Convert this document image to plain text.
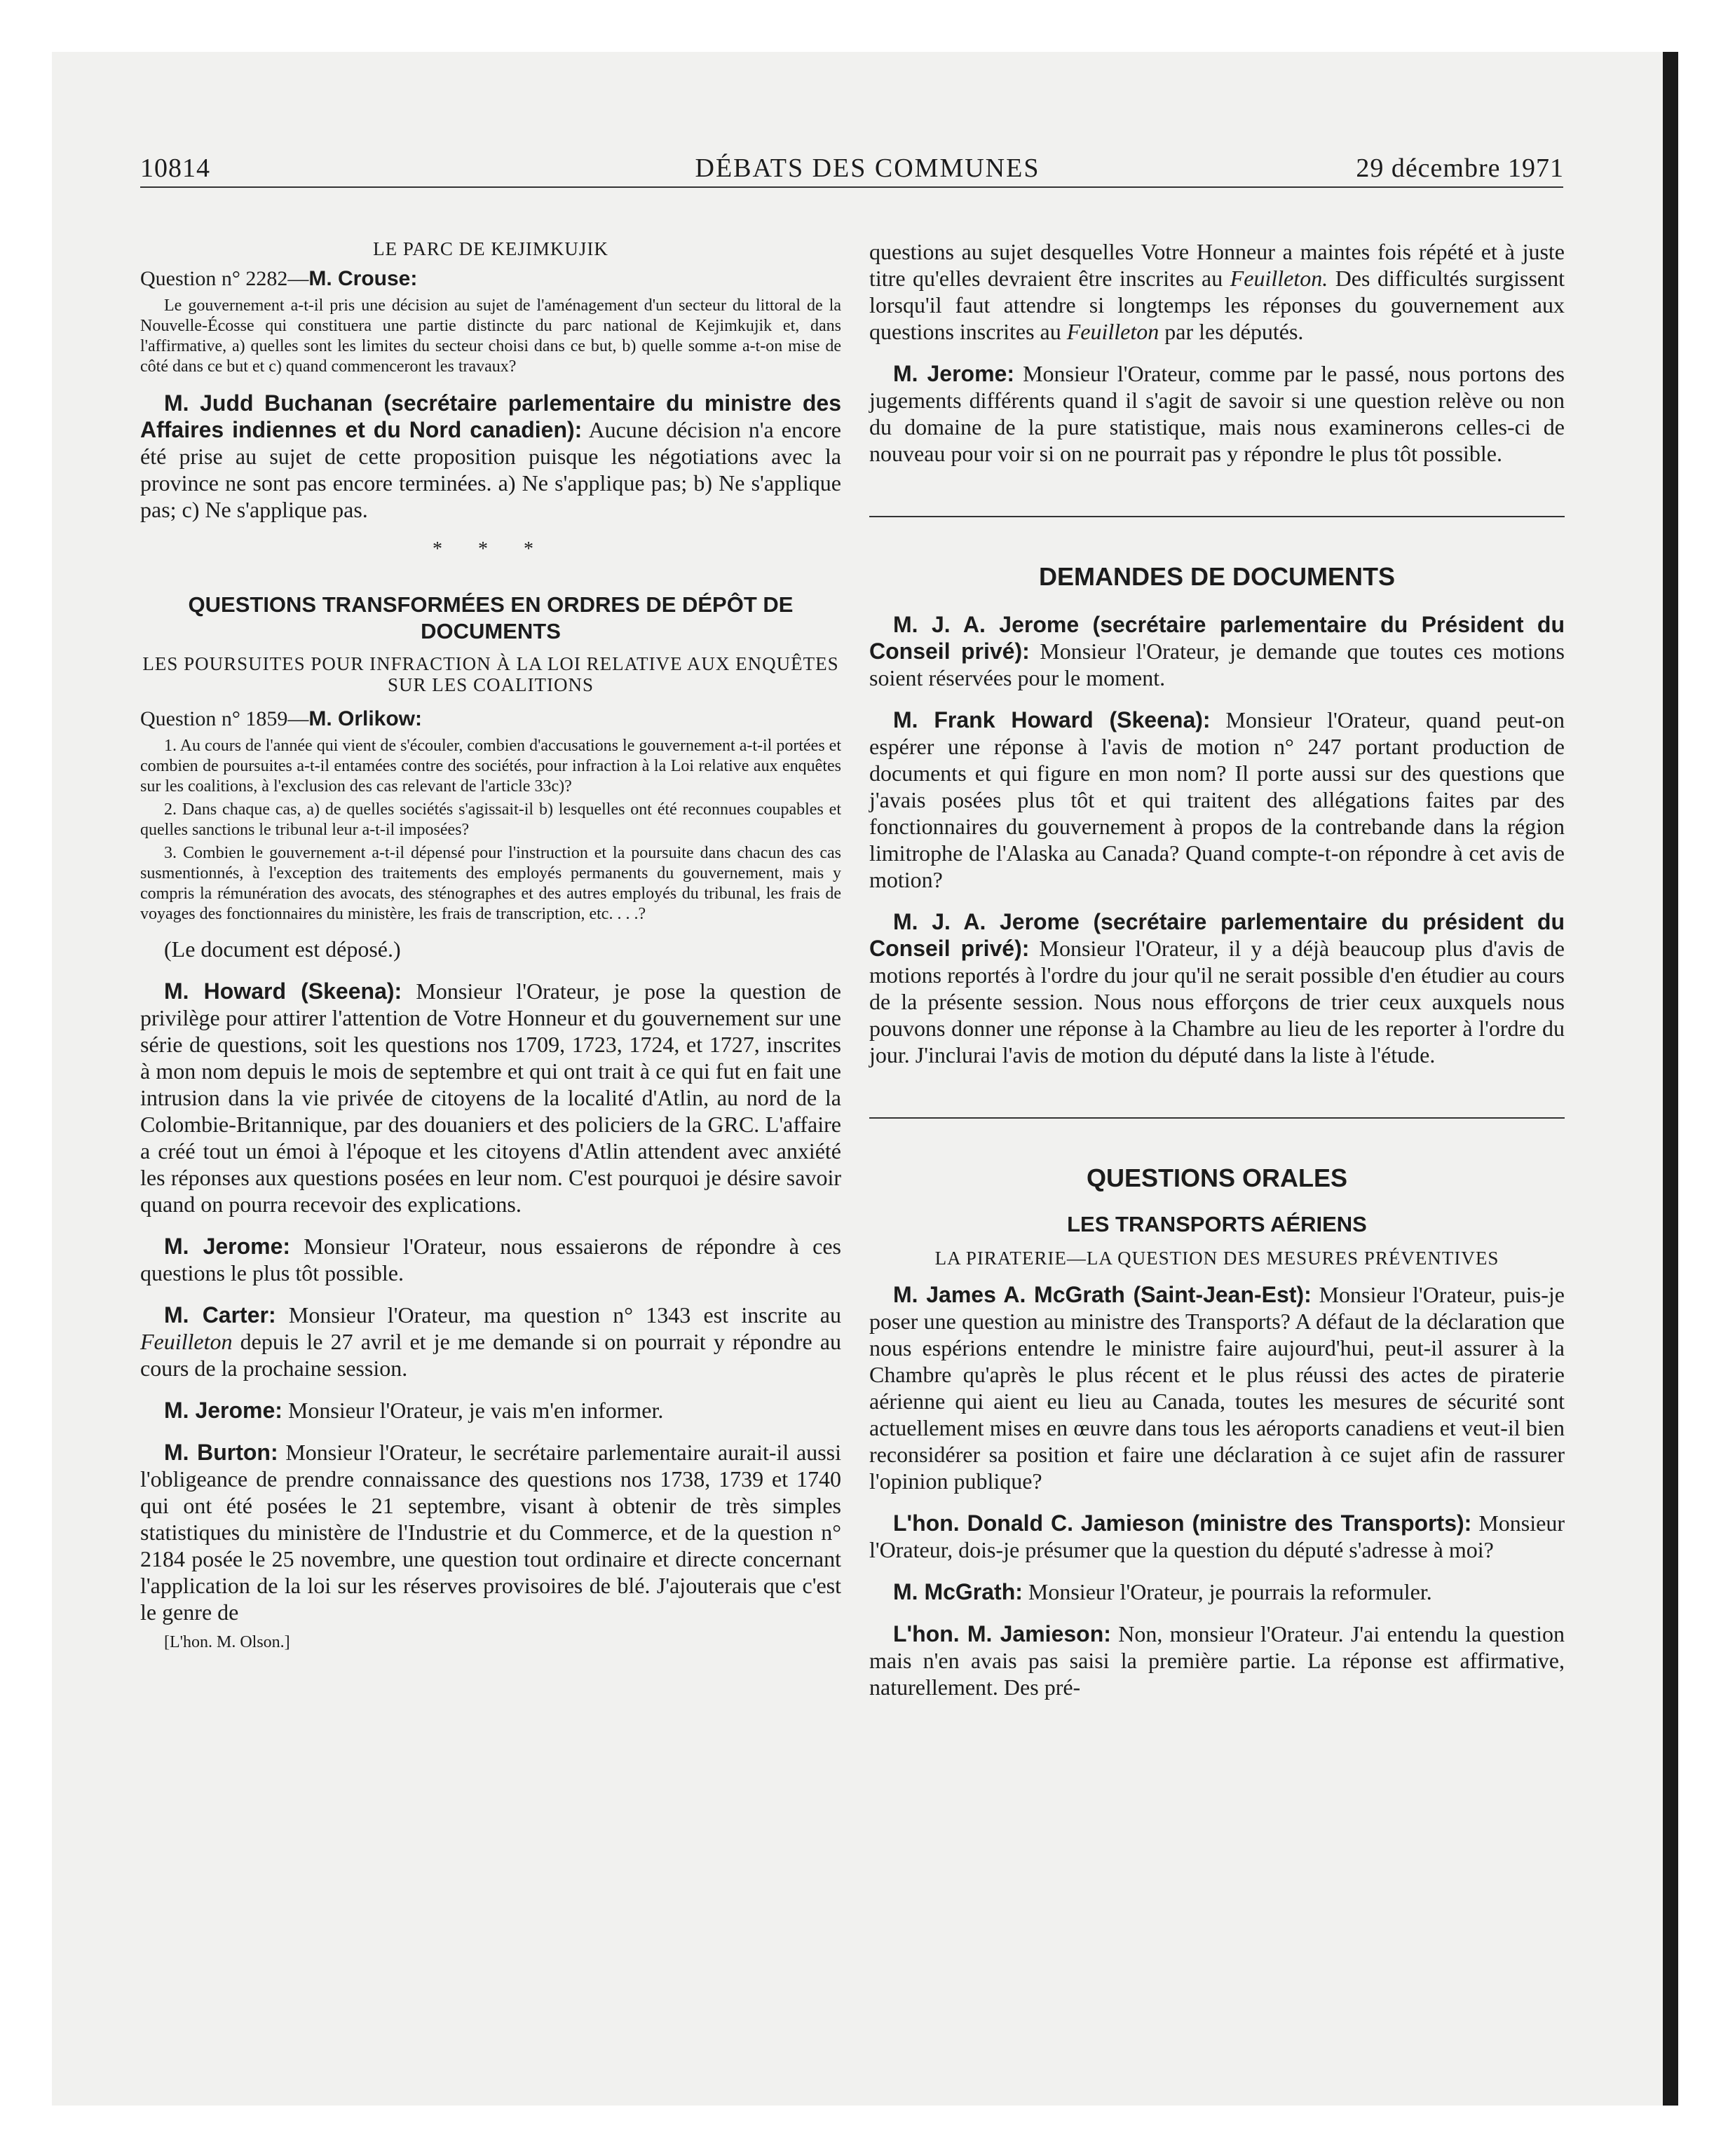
10814	DÉBATS DES COMMUNES	29 décembre 1971

LE PARC DE KEJIMKUJIK

Question n° 2282—M. Crouse:

Le gouvernement a-t-il pris une décision au sujet de l'aménagement d'un secteur du littoral de la Nouvelle-Écosse qui constituera une partie distincte du parc national de Kejimkujik et, dans l'affirmative, a) quelles sont les limites du secteur choisi dans ce but, b) quelle somme a-t-on mise de côté dans ce but et c) quand commenceront les travaux?

M. Judd Buchanan (secrétaire parlementaire du ministre des Affaires indiennes et du Nord canadien): Aucune décision n'a encore été prise au sujet de cette proposition puisque les négotiations avec la province ne sont pas encore terminées. a) Ne s'applique pas; b) Ne s'applique pas; c) Ne s'applique pas.

* * *

QUESTIONS TRANSFORMÉES EN ORDRES DE DÉPÔT DE DOCUMENTS

LES POURSUITES POUR INFRACTION À LA LOI RELATIVE AUX ENQUÊTES SUR LES COALITIONS

Question n° 1859—M. Orlikow:

1. Au cours de l'année qui vient de s'écouler, combien d'accusations le gouvernement a-t-il portées et combien de poursuites a-t-il entamées contre des sociétés, pour infraction à la Loi relative aux enquêtes sur les coalitions, à l'exclusion des cas relevant de l'article 33c)?

2. Dans chaque cas, a) de quelles sociétés s'agissait-il b) lesquelles ont été reconnues coupables et quelles sanctions le tribunal leur a-t-il imposées?

3. Combien le gouvernement a-t-il dépensé pour l'instruction et la poursuite dans chacun des cas susmentionnés, à l'exception des traitements des employés permanents du gouvernement, mais y compris la rémunération des avocats, des sténographes et des autres employés du tribunal, les frais de voyages des fonctionnaires du ministère, les frais de transcription, etc. . . .?

(Le document est déposé.)

M. Howard (Skeena): Monsieur l'Orateur, je pose la question de privilège pour attirer l'attention de Votre Honneur et du gouvernement sur une série de questions, soit les questions nos 1709, 1723, 1724, et 1727, inscrites à mon nom depuis le mois de septembre et qui ont trait à ce qui fut en fait une intrusion dans la vie privée de citoyens de la localité d'Atlin, au nord de la Colombie-Britannique, par des douaniers et des policiers de la GRC. L'affaire a créé tout un émoi à l'époque et les citoyens d'Atlin attendent avec anxiété les réponses aux questions posées en leur nom. C'est pourquoi je désire savoir quand on pourra recevoir des explications.

M. Jerome: Monsieur l'Orateur, nous essaierons de répondre à ces questions le plus tôt possible.

M. Carter: Monsieur l'Orateur, ma question n° 1343 est inscrite au Feuilleton depuis le 27 avril et je me demande si on pourrait y répondre au cours de la prochaine session.

M. Jerome: Monsieur l'Orateur, je vais m'en informer.

M. Burton: Monsieur l'Orateur, le secrétaire parlementaire aurait-il aussi l'obligeance de prendre connaissance des questions nos 1738, 1739 et 1740 qui ont été posées le 21 septembre, visant à obtenir de très simples statistiques du ministère de l'Industrie et du Commerce, et de la question n° 2184 posée le 25 novembre, une question tout ordinaire et directe concernant l'application de la loi sur les réserves provisoires de blé. J'ajouterais que c'est le genre de

[L'hon. M. Olson.]

questions au sujet desquelles Votre Honneur a maintes fois répété et à juste titre qu'elles devraient être inscrites au Feuilleton. Des difficultés surgissent lorsqu'il faut attendre si longtemps les réponses du gouvernement aux questions inscrites au Feuilleton par les députés.

M. Jerome: Monsieur l'Orateur, comme par le passé, nous portons des jugements différents quand il s'agit de savoir si une question relève ou non du domaine de la pure statistique, mais nous examinerons celles-ci de nouveau pour voir si on ne pourrait pas y répondre le plus tôt possible.

DEMANDES DE DOCUMENTS

M. J. A. Jerome (secrétaire parlementaire du Président du Conseil privé): Monsieur l'Orateur, je demande que toutes ces motions soient réservées pour le moment.

M. Frank Howard (Skeena): Monsieur l'Orateur, quand peut-on espérer une réponse à l'avis de motion n° 247 portant production de documents et qui figure en mon nom? Il porte aussi sur des questions que j'avais posées plus tôt et qui traitent des allégations faites par des fonctionnaires du gouvernement à propos de la contrebande dans la région limitrophe de l'Alaska au Canada? Quand compte-t-on répondre à cet avis de motion?

M. J. A. Jerome (secrétaire parlementaire du président du Conseil privé): Monsieur l'Orateur, il y a déjà beaucoup plus d'avis de motions reportés à l'ordre du jour qu'il ne serait possible d'en étudier au cours de la présente session. Nous nous efforçons de trier ceux auxquels nous pouvons donner une réponse à la Chambre au lieu de les reporter à l'ordre du jour. J'inclurai l'avis de motion du député dans la liste à l'étude.

QUESTIONS ORALES

LES TRANSPORTS AÉRIENS

LA PIRATERIE—LA QUESTION DES MESURES PRÉVENTIVES

M. James A. McGrath (Saint-Jean-Est): Monsieur l'Orateur, puis-je poser une question au ministre des Transports? A défaut de la déclaration que nous espérions entendre le ministre faire aujourd'hui, peut-il assurer à la Chambre qu'après le plus récent et le plus réussi des actes de piraterie aérienne qui aient eu lieu au Canada, toutes les mesures de sécurité sont actuellement mises en œuvre dans tous les aéroports canadiens et veut-il bien reconsidérer sa position et faire une déclaration à ce sujet afin de rassurer l'opinion publique?

L'hon. Donald C. Jamieson (ministre des Transports): Monsieur l'Orateur, dois-je présumer que la question du député s'adresse à moi?

M. McGrath: Monsieur l'Orateur, je pourrais la reformuler.

L'hon. M. Jamieson: Non, monsieur l'Orateur. J'ai entendu la question mais n'en avais pas saisi la première partie. La réponse est affirmative, naturellement. Des pré-
